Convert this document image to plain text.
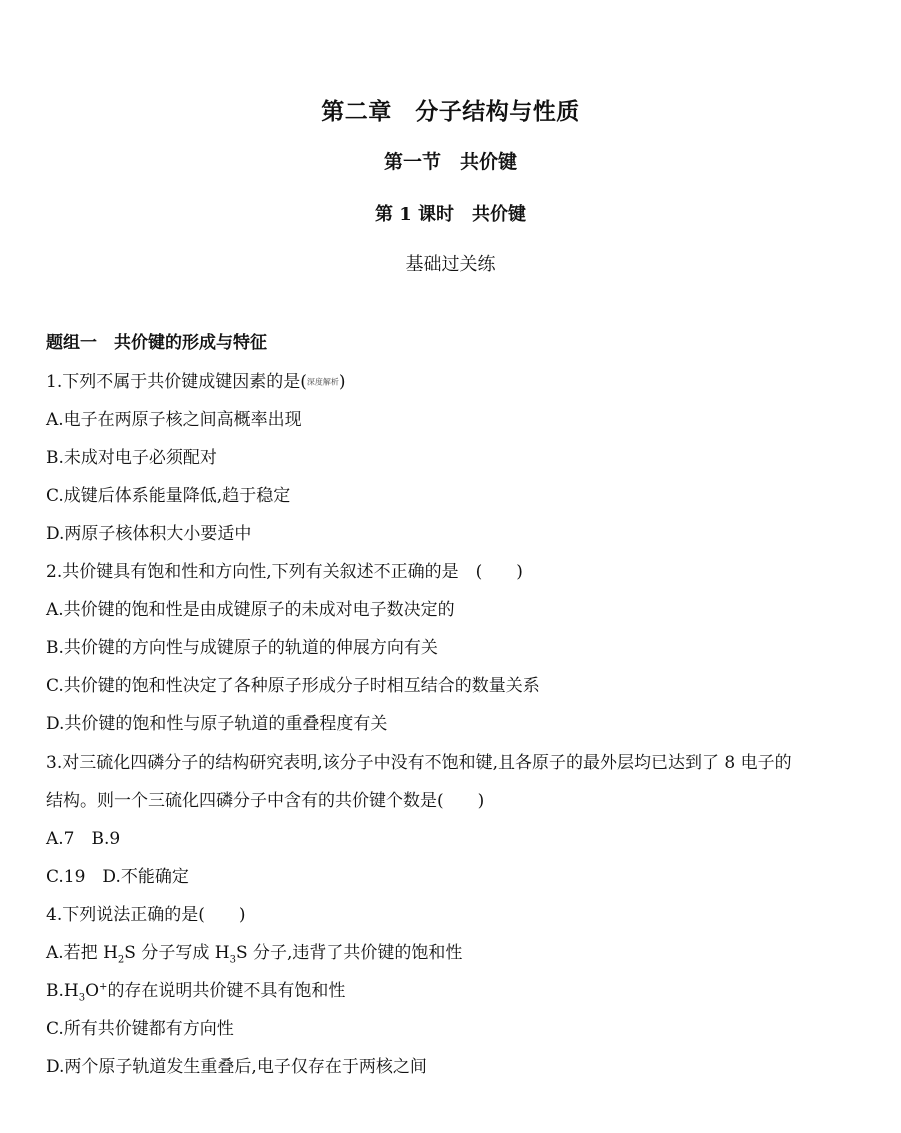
第二章　分子结构与性质
第一节　共价键
第 1 课时　共价键
基础过关练
题组一　共价键的形成与特征
1.下列不属于共价键成键因素的是(深度解析)
A.电子在两原子核之间高概率出现
B.未成对电子必须配对
C.成键后体系能量降低,趋于稳定
D.两原子核体积大小要适中
2.共价键具有饱和性和方向性,下列有关叙述不正确的是　(　　)
A.共价键的饱和性是由成键原子的未成对电子数决定的
B.共价键的方向性与成键原子的轨道的伸展方向有关
C.共价键的饱和性决定了各种原子形成分子时相互结合的数量关系
D.共价键的饱和性与原子轨道的重叠程度有关
3.对三硫化四磷分子的结构研究表明,该分子中没有不饱和键,且各原子的最外层均已达到了 8 电子的
结构。则一个三硫化四磷分子中含有的共价键个数是(　　)
A.7　B.9
C.19　D.不能确定
4.下列说法正确的是(　　)
A.若把 $H_2S$ 分子写成 $H_3S$ 分子,违背了共价键的饱和性
$B.H_3O^+$的存在说明共价键不具有饱和性
C.所有共价键都有方向性
D.两个原子轨道发生重叠后,电子仅存在于两核之间
